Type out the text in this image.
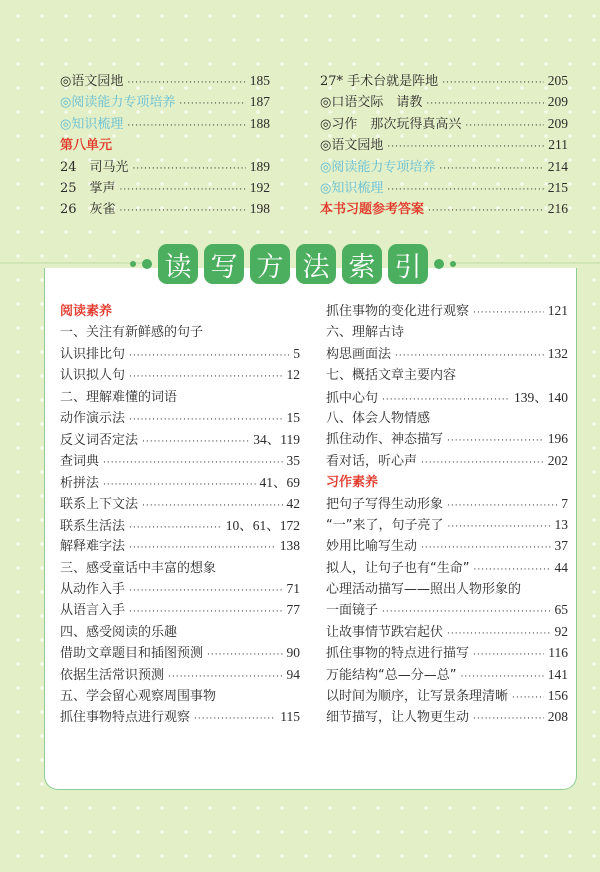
◎语文园地 ·····	185
◎阅读能力专项培养 ·····	187
◎知识梳理 ·····	188
第八单元
24　司马光 ·····	189
25　掌声 ·····	192
26　灰雀 ·····	198
27* 手术台就是阵地 ·····	205
◎口语交际　请教 ·····	209
◎习作　那次玩得真高兴 ·····	209
◎语文园地 ·····	211
◎阅读能力专项培养 ·····	214
◎知识梳理 ·····	215
本书习题参考答案 ·····	216
读 写 方 法 索 引
阅读素养
一、关注有新鲜感的句子
认识排比句 ·····	5
认识拟人句 ·····	12
二、理解难懂的词语
动作演示法 ·····	15
反义词否定法 ·····	34、119
查词典 ·····	35
析拼法 ·····	41、69
联系上下文法 ·····	42
联系生活法 ·····	10、61、172
解释难字法 ·····	138
三、感受童话中丰富的想象
从动作入手 ·····	71
从语言入手 ·····	77
四、感受阅读的乐趣
借助文章题目和插图预测 ·····	90
依据生活常识预测 ·····	94
五、学会留心观察周围事物
抓住事物特点进行观察 ·····	115
抓住事物的变化进行观察 ·····	121
六、理解古诗
构思画面法 ·····	132
七、概括文章主要内容
抓中心句 ·····	139、140
八、体会人物情感
抓住动作、神态描写 ·····	196
看对话，听心声 ·····	202
习作素养
把句子写得生动形象 ·····	7
“一”来了，句子亮了 ·····	13
妙用比喻写生动 ·····	37
拟人，让句子也有“生命” ·····	44
心理活动描写——照出人物形象的
一面镜子 ·····	65
让故事情节跌宕起伏 ·····	92
抓住事物的特点进行描写 ·····	116
万能结构“总—分—总” ·····	141
以时间为顺序，让写景条理清晰 ·····	156
细节描写，让人物更生动 ·····	208
